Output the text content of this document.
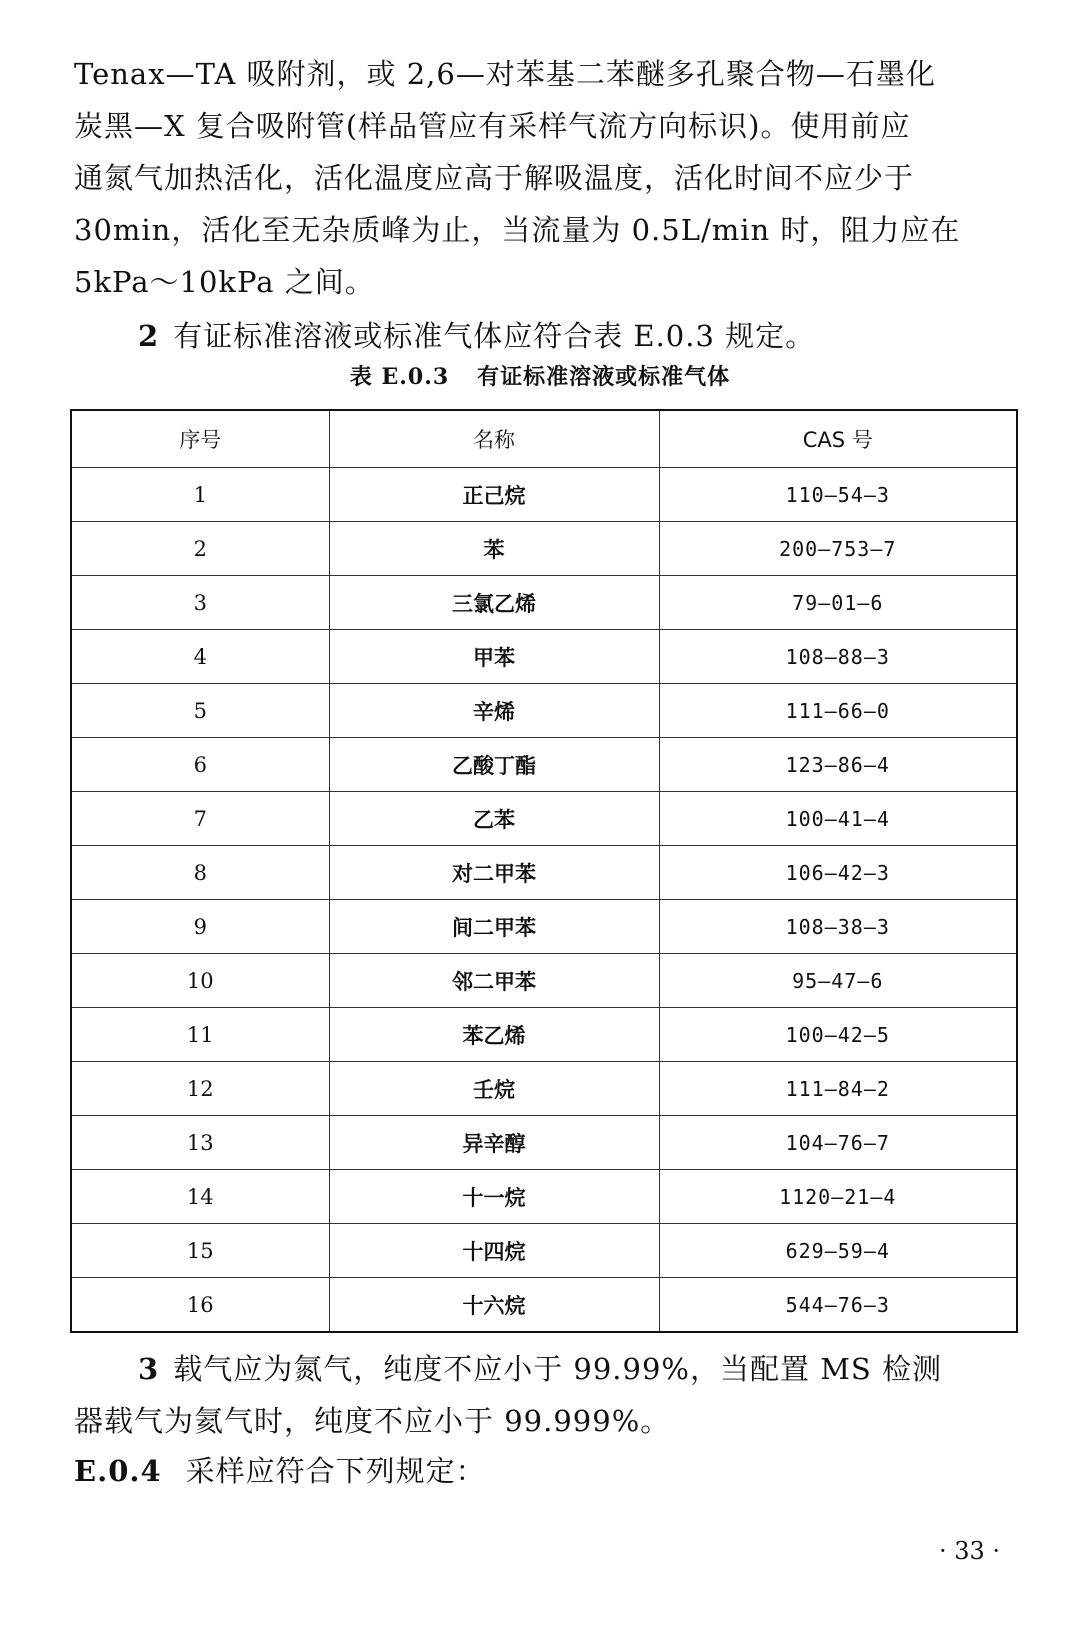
Tenax—TA 吸附剂，或 2,6—对苯基二苯醚多孔聚合物—石墨化

炭黑—X 复合吸附管(样品管应有采样气流方向标识)。使用前应

通氮气加热活化，活化温度应高于解吸温度，活化时间不应少于

30min，活化至无杂质峰为止，当流量为 0.5L/min 时，阻力应在

5kPa～10kPa 之间。

2 有证标准溶液或标准气体应符合表 E.0.3 规定。
表 E.0.3 有证标准溶液或标准气体
序号	名称	CAS 号
1	正己烷	110—54—3
2	苯	200—753—7
3	三氯乙烯	79—01—6
4	甲苯	108—88—3
5	辛烯	111—66—0
6	乙酸丁酯	123—86—4
7	乙苯	100—41—4
8	对二甲苯	106—42—3
9	间二甲苯	108—38—3
10	邻二甲苯	95—47—6
11	苯乙烯	100—42—5
12	壬烷	111—84—2
13	异辛醇	104—76—7
14	十一烷	1120—21—4
15	十四烷	629—59—4
16	十六烷	544—76—3

3 载气应为氮气，纯度不应小于 99.99%，当配置 MS 检测

器载气为氦气时，纯度不应小于 99.999%。

E.0.4 采样应符合下列规定：
· 33 ·
